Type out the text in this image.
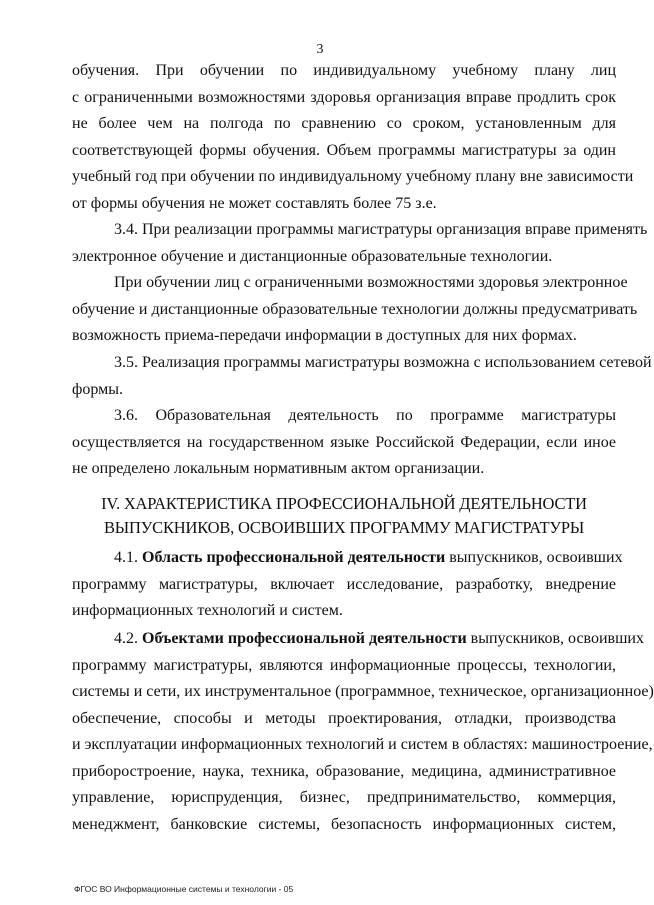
3
обучения. При обучении по индивидуальному учебному плану лиц
с ограниченными возможностями здоровья организация вправе продлить срок
не более чем на полгода по сравнению со сроком, установленным для
соответствующей формы обучения. Объем программы магистратуры за один
учебный год при обучении по индивидуальному учебному плану вне зависимости
от формы обучения не может составлять более 75 з.е.
3.4. При реализации программы магистратуры организация вправе применять
электронное обучение и дистанционные образовательные технологии.
При обучении лиц с ограниченными возможностями здоровья электронное
обучение и дистанционные образовательные технологии должны предусматривать
возможность приема-передачи информации в доступных для них формах.
3.5. Реализация программы магистратуры возможна с использованием сетевой
формы.
3.6. Образовательная деятельность по программе магистратуры
осуществляется на государственном языке Российской Федерации, если иное
не определено локальным нормативным актом организации.
IV. ХАРАКТЕРИСТИКА ПРОФЕССИОНАЛЬНОЙ ДЕЯТЕЛЬНОСТИ
ВЫПУСКНИКОВ, ОСВОИВШИХ ПРОГРАММУ МАГИСТРАТУРЫ
4.1. Область профессиональной деятельности выпускников, освоивших
программу магистратуры, включает исследование, разработку, внедрение
информационных технологий и систем.
4.2. Объектами профессиональной деятельности выпускников, освоивших
программу магистратуры, являются информационные процессы, технологии,
системы и сети, их инструментальное (программное, техническое, организационное)
обеспечение, способы и методы проектирования, отладки, производства
и эксплуатации информационных технологий и систем в областях: машиностроение,
приборостроение, наука, техника, образование, медицина, административное
управление, юриспруденция, бизнес, предпринимательство, коммерция,
менеджмент, банковские системы, безопасность информационных систем,
ФГОС ВО Информационные системы и технологии - 05
